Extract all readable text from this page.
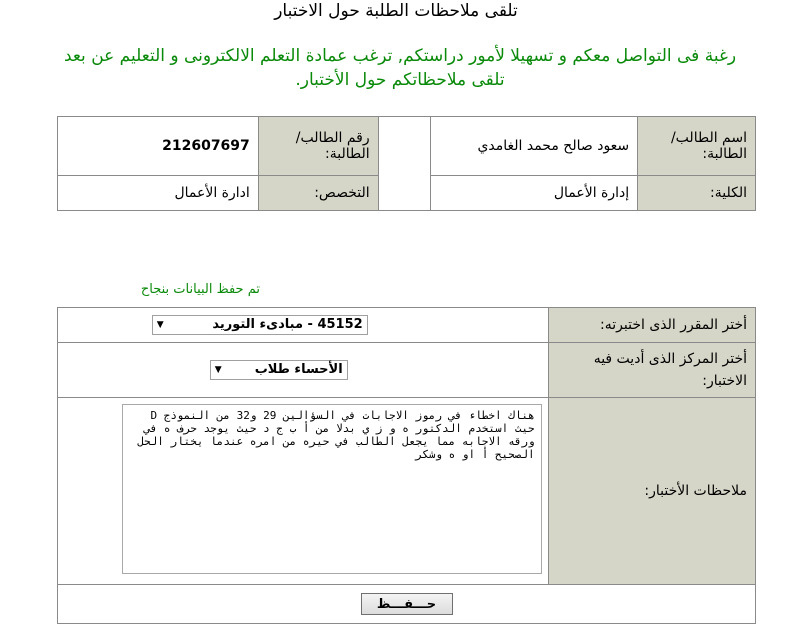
تلقى ملاحظات الطلبة حول الاختبار
رغبة فى التواصل معكم و تسهيلا لأمور دراستكم, ترغب عمادة التعلم الالكترونى و التعليم عن بعد تلقى ملاحظاتكم حول الأختبار.
اسم الطالب/الطالبة:	سعود صالح محمد الغامدي		رقم الطالب/الطالبة:	212607697
الكلية:	إدارة الأعمال		التخصص:	ادارة الأعمال
تم حفظ البيانات بنجاح
أختر المقرر الذى اختبرته:	45152 - مبادىء التوريد
▼

أختر المركز الذى أديت فيه الاختبار:	الأحساء طلاب
▼

ملاحظات الأختبار:	
هناك اخطاء في رموز الاجابات في السؤالين 29 و32 من النموذج D حيث استخدم الدكتور ه و ز ي بدلا من أ ب ج د حيث يوجد حرف ه في ورقه الاجابه مما يجعل الطالب في حيره من امره عندما يختار الحل الصحيح أ او ه وشكر

حـــفـــظ	
